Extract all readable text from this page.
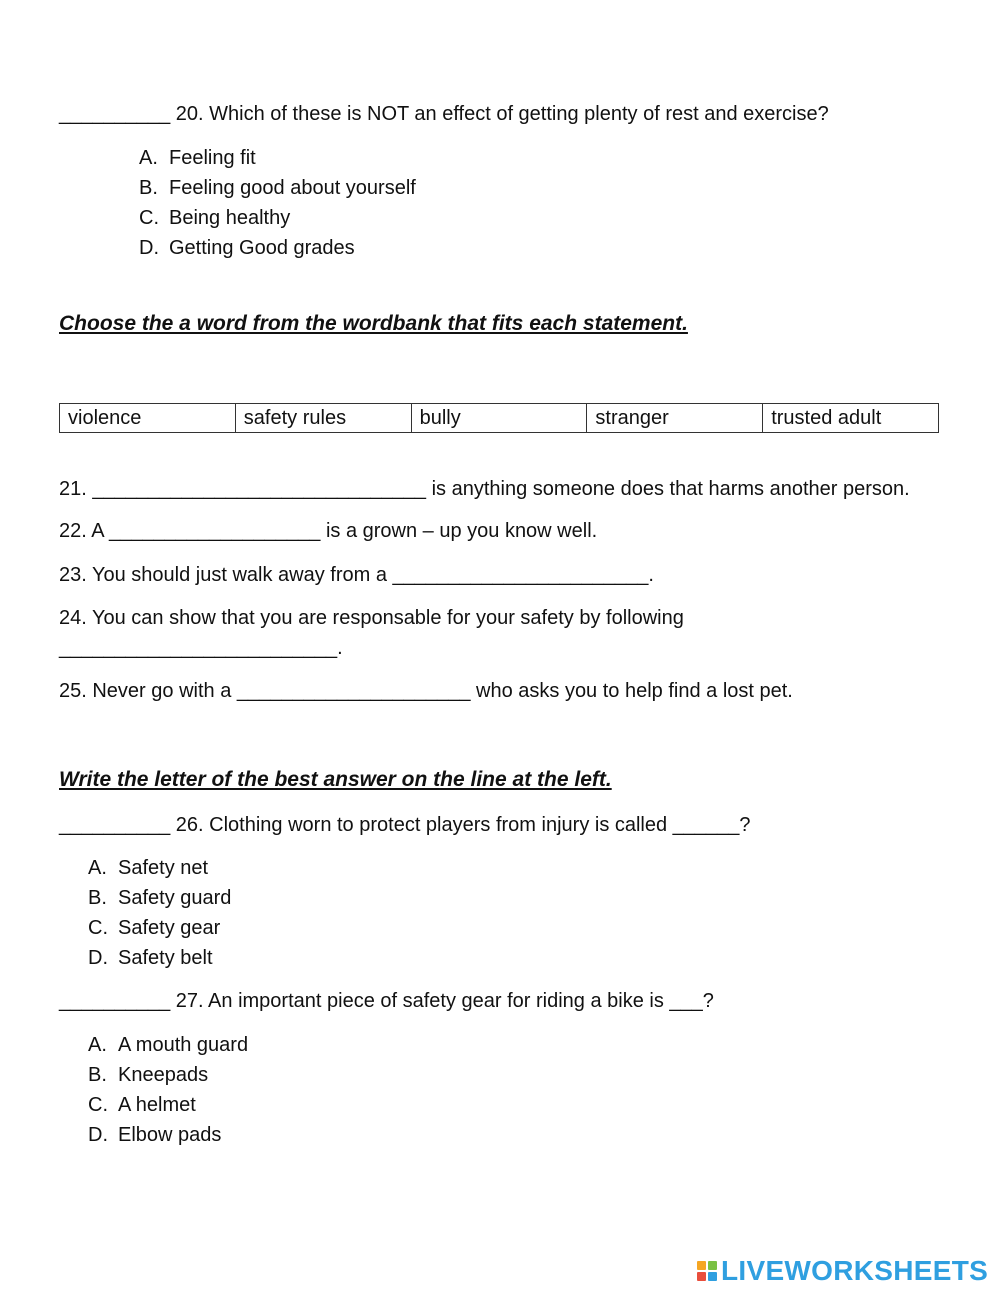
__________ 20. Which of these is NOT an effect of getting plenty of rest and exercise?
A. Feeling fit
B. Feeling good about yourself
C. Being healthy
D. Getting Good grades
Choose the a word from the wordbank that fits each statement.
violence	safety rules	bully	stranger	trusted adult
21. ______________________________ is anything someone does that harms another person.
22. A ___________________ is a grown – up you know well.
23. You should just walk away from a _______________________.
24. You can show that you are responsable for your safety by following
_________________________.
25. Never go with a _____________________ who asks you to help find a lost pet.
Write the letter of the best answer on the line at the left.
__________ 26. Clothing worn to protect players from injury is called ______?
A. Safety net
B. Safety guard
C. Safety gear
D. Safety belt
__________ 27. An important piece of safety gear for riding a bike is ___?
A. A mouth guard
B. Kneepads
C. A helmet
D. Elbow pads
LIVEWORKSHEETS
